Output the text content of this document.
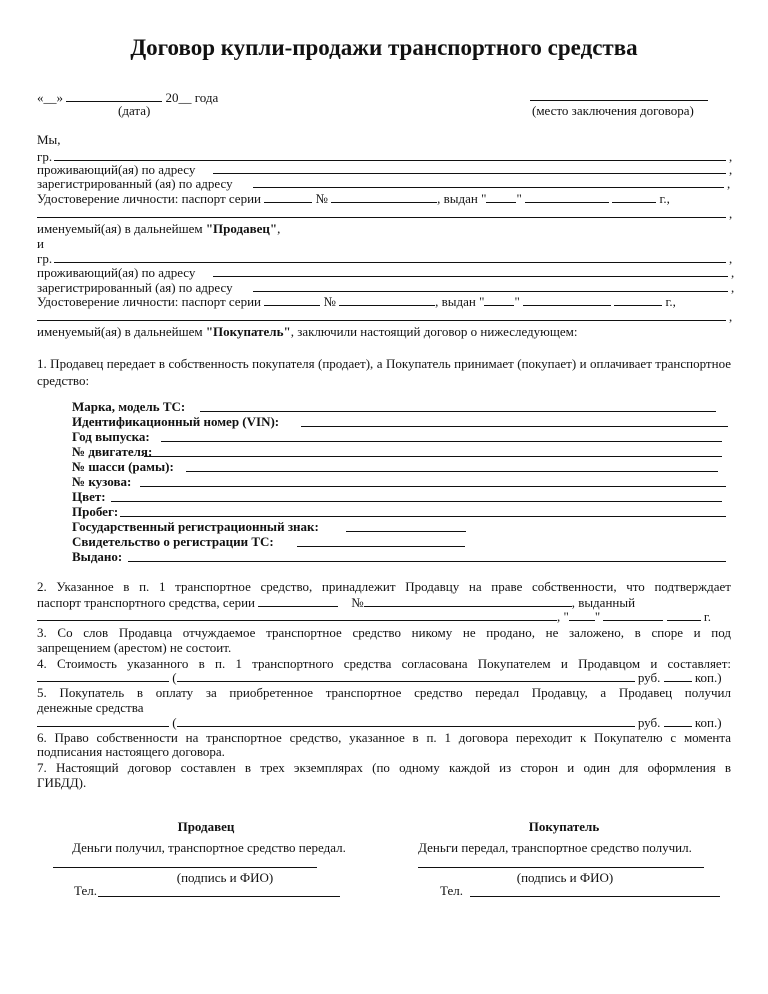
Договор купли-продажи транспортного средства
«__»	20__ года
(дата)	(место заключения договора)
Мы,
гр.	,
проживающий(ая) по адресу	,
зарегистрированный (ая) по адресу	,
Удостоверение личности: паспорт серии	№	, выдан " "	г.,
,
именуемый(ая) в дальнейшем "Продавец",
и
гр.	,
проживающий(ая) по адресу	,
зарегистрированный (ая) по адресу	,
Удостоверение личности: паспорт серии	№	, выдан " "	г.,
,
именуемый(ая) в дальнейшем "Покупатель", заключили настоящий договор о нижеследующем:
1. Продавец передает в собственность покупателя (продает), а Покупатель принимает (покупает) и оплачивает транспортное средство:
Марка, модель ТС:
Идентификационный номер (VIN):
Год выпуска:
№ двигателя:
№ шасси (рамы):
№ кузова:
Цвет:
Пробег:
Государственный регистрационный знак:
Свидетельство о регистрации ТС:
Выдано:
2. Указанное в п. 1 транспортное средство, принадлежит Продавцу на праве собственности, что подтверждает
паспорт транспортного средства, серии	№	, выданный
, " "	г.
3. Со слов Продавца отчуждаемое транспортное средство никому не продано, не заложено, в споре и под
запрещением (арестом) не состоит.
4. Стоимость указанного в п. 1 транспортного средства согласована Покупателем и Продавцом и составляет:
(	руб.	коп.)
5. Покупатель в оплату за приобретенное транспортное средство передал Продавцу, а Продавец получил
денежные средства
(	руб.	коп.)
6. Право собственности на транспортное средство, указанное в п. 1 договора переходит к Покупателю с момента
подписания настоящего договора.
7. Настоящий договор составлен в трех экземплярах (по одному каждой из сторон и один для оформления в
ГИБДД).
Продавец
Деньги получил, транспортное средство передал.
(подпись и ФИО)
Тел.
Покупатель
Деньги передал, транспортное средство получил.
(подпись и ФИО)
Тел.
